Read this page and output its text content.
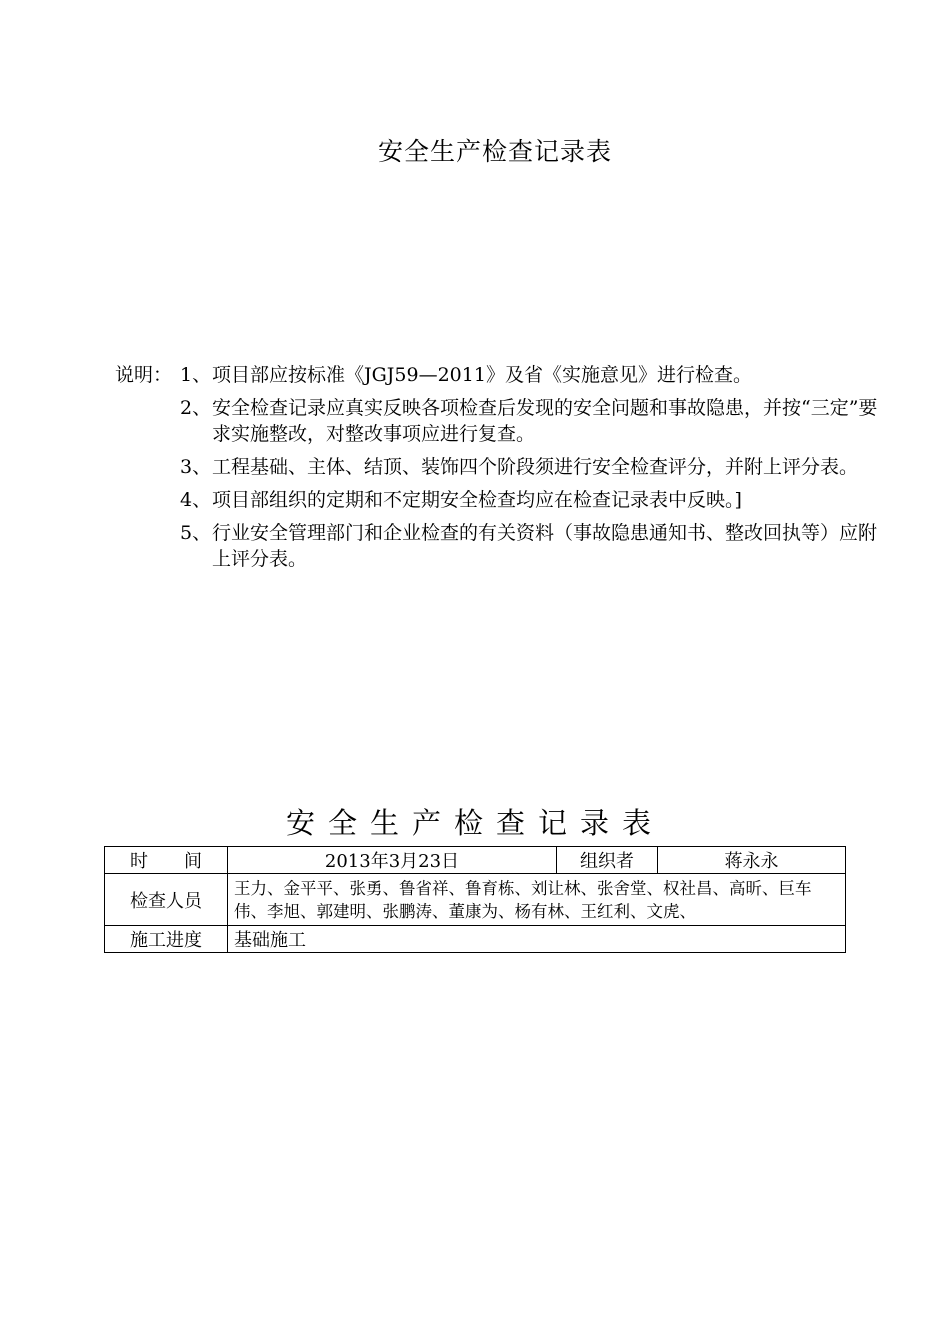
安全生产检查记录表
说明： 1、 项目部应按标准《JGJ59—2011》及省《实施意见》进行检查。
2、 安全检查记录应真实反映各项检查后发现的安全问题和事故隐患，并按“三定”要求实施整改，对整改事项应进行复查。
3、 工程基础、主体、结顶、装饰四个阶段须进行安全检查评分，并附上评分表。
4、 项目部组织的定期和不定期安全检查均应在检查记录表中反映。]
5、 行业安全管理部门和企业检查的有关资料（事故隐患通知书、整改回执等）应附上评分表。
安全生产检查记录表
时　　间	2013年3月23日	组织者	蒋永永
检查人员	王力、金平平、张勇、鲁省祥、鲁育栋、刘让林、张舍堂、权社昌、高昕、巨车
伟、李旭、郭建明、张鹏涛、董康为、杨有林、王红利、文虎、		

施工进度	基础施工		
